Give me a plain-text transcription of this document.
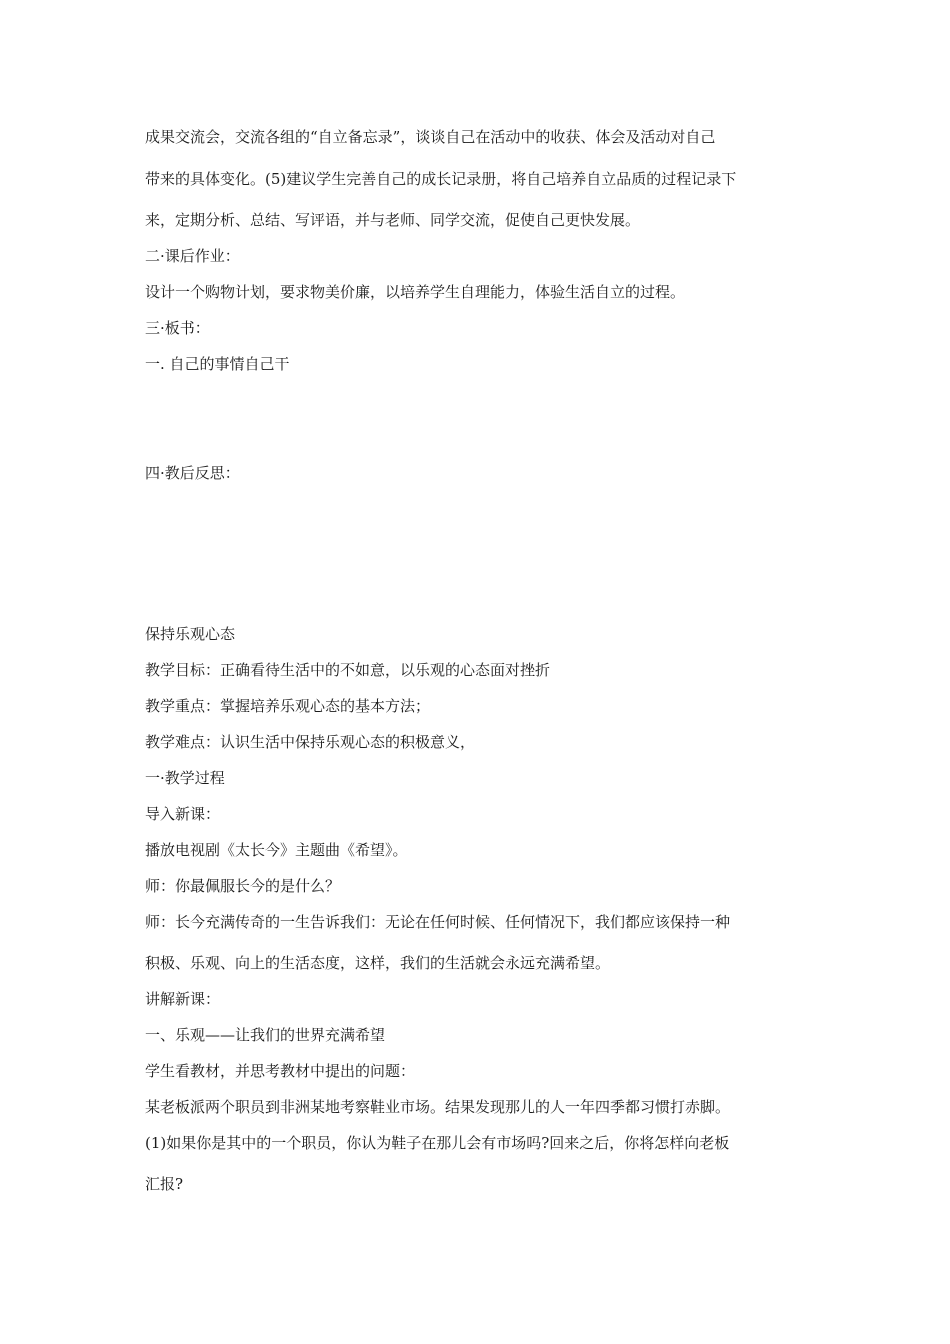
成果交流会，交流各组的“自立备忘录”，谈谈自己在活动中的收获、体会及活动对自己
带来的具体变化。(5)建议学生完善自己的成长记录册，将自己培养自立品质的过程记录下
来，定期分析、总结、写评语，并与老师、同学交流，促使自己更快发展。
二·课后作业：
设计一个购物计划，要求物美价廉，以培养学生自理能力，体验生活自立的过程。
三·板书：
一. 自己的事情自己干
四·教后反思：
保持乐观心态
教学目标：正确看待生活中的不如意，以乐观的心态面对挫折
教学重点：掌握培养乐观心态的基本方法；
教学难点：认识生活中保持乐观心态的积极意义，
一·教学过程
导入新课：
播放电视剧《太长今》主题曲《希望》。
师：你最佩服长今的是什么？
师：长今充满传奇的一生告诉我们：无论在任何时候、任何情况下，我们都应该保持一种
积极、乐观、向上的生活态度，这样，我们的生活就会永远充满希望。
讲解新课：
一、乐观——让我们的世界充满希望
学生看教材，并思考教材中提出的问题：
某老板派两个职员到非洲某地考察鞋业市场。结果发现那儿的人一年四季都习惯打赤脚。
(1)如果你是其中的一个职员，你认为鞋子在那儿会有市场吗?回来之后，你将怎样向老板
汇报?
